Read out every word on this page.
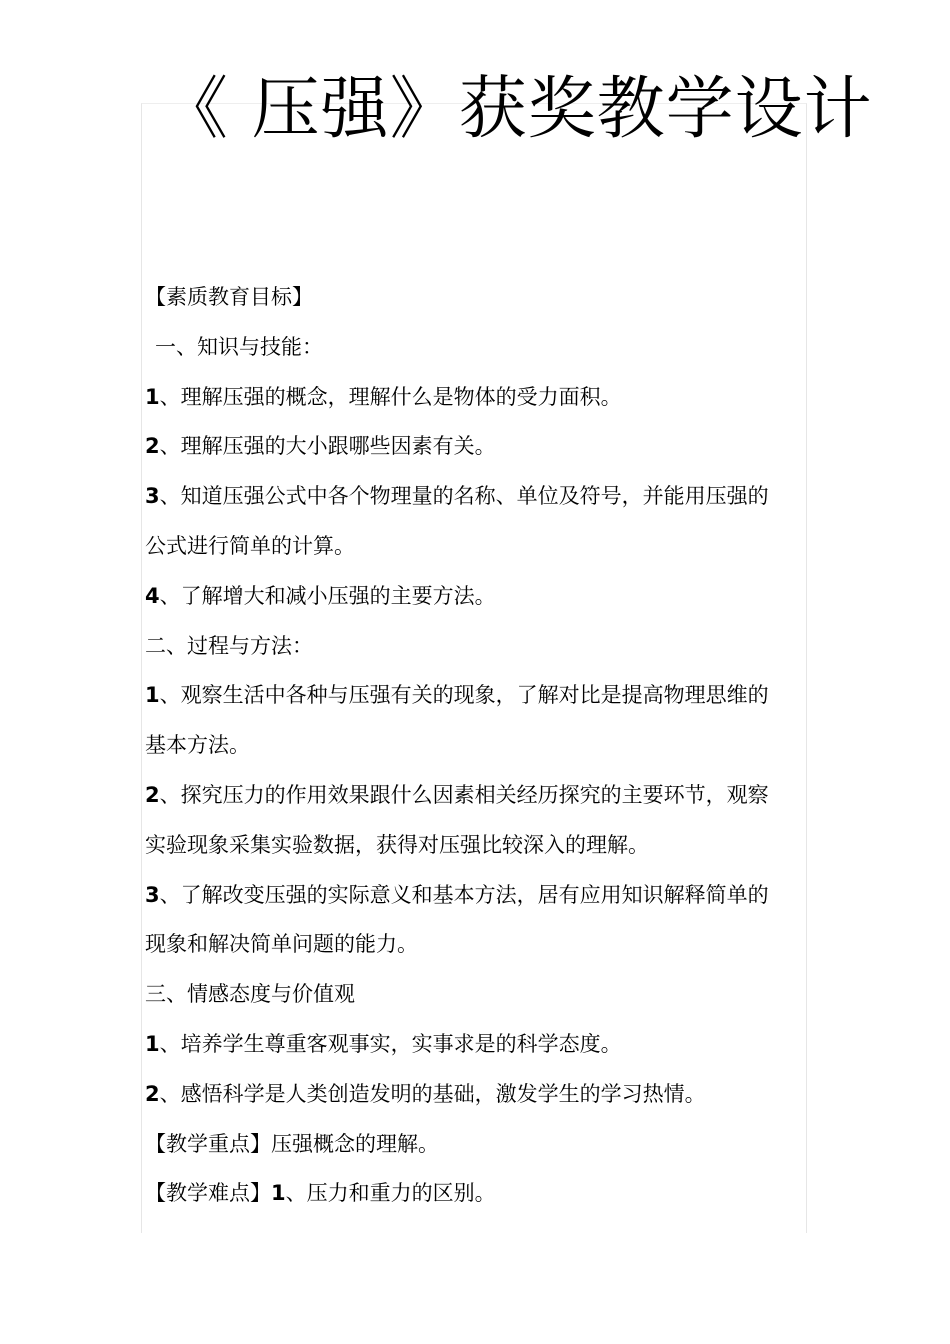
《 压强》获奖教学设计

【素质教育目标】

一、知识与技能：

1、理解压强的概念，理解什么是物体的受力面积。

2、理解压强的大小跟哪些因素有关。

3、知道压强公式中各个物理量的名称、单位及符号，并能用压强的

公式进行简单的计算。

4、了解增大和减小压强的主要方法。

二、过程与方法：

1、观察生活中各种与压强有关的现象，了解对比是提高物理思维的

基本方法。

2、探究压力的作用效果跟什么因素相关经历探究的主要环节，观察

实验现象采集实验数据，获得对压强比较深入的理解。

3、了解改变压强的实际意义和基本方法，居有应用知识解释简单的

现象和解决简单问题的能力。

三、情感态度与价值观

1、培养学生尊重客观事实，实事求是的科学态度。

2、感悟科学是人类创造发明的基础，激发学生的学习热情。

【教学重点】压强概念的理解。

【教学难点】1、压力和重力的区别。
